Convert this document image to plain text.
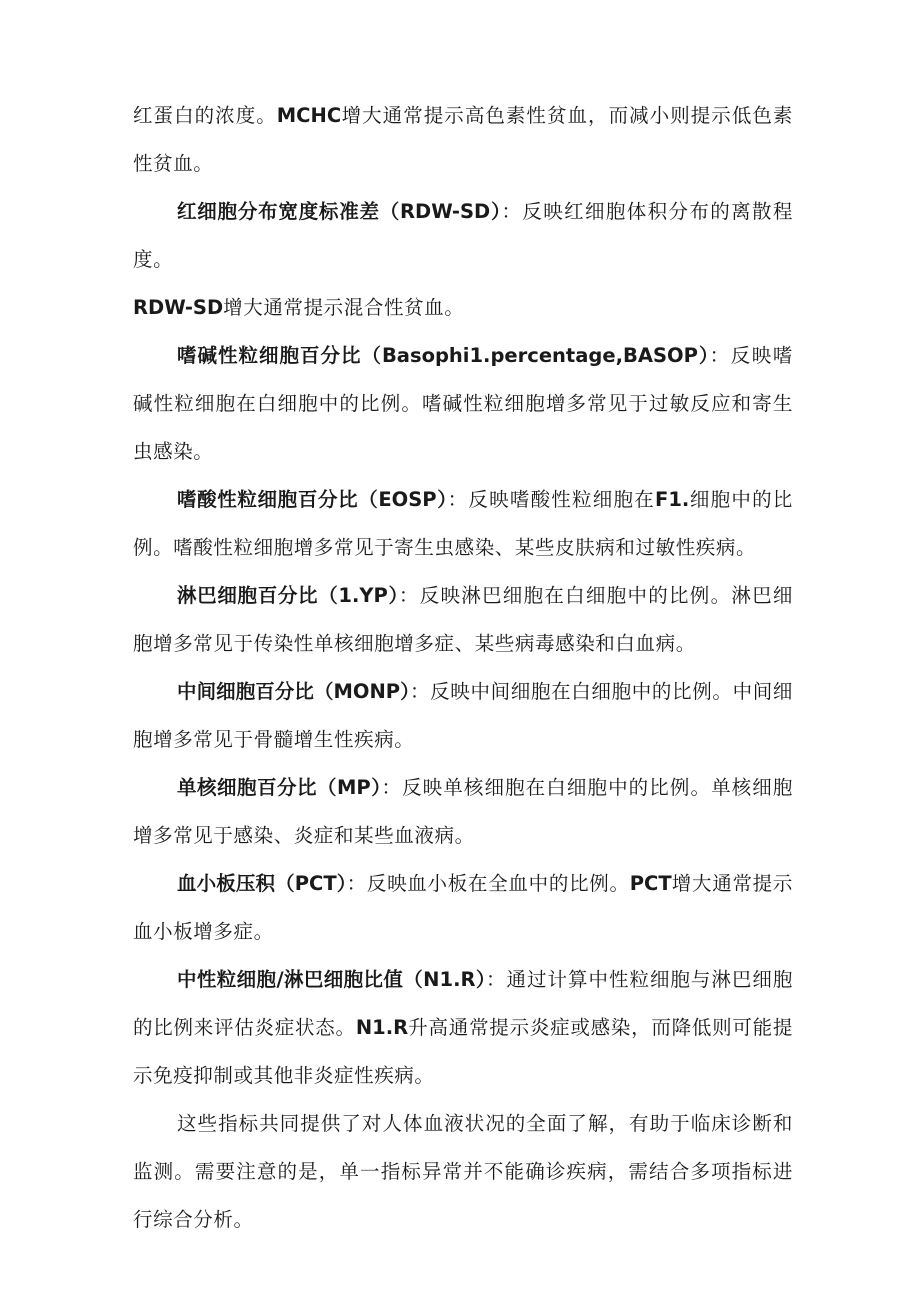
红蛋白的浓度。MCHC增大通常提示高色素性贫血，而减小则提示低色素性贫血。

红细胞分布宽度标准差（RDW-SD）：反映红细胞体积分布的离散程度。

RDW-SD增大通常提示混合性贫血。

嗜碱性粒细胞百分比（Basophi1.percentage,BASOP）：反映嗜碱性粒细胞在白细胞中的比例。嗜碱性粒细胞增多常见于过敏反应和寄生虫感染。

嗜酸性粒细胞百分比（EOSP）：反映嗜酸性粒细胞在F1.细胞中的比例。嗜酸性粒细胞增多常见于寄生虫感染、某些皮肤病和过敏性疾病。

淋巴细胞百分比（1.YP）：反映淋巴细胞在白细胞中的比例。淋巴细胞增多常见于传染性单核细胞增多症、某些病毒感染和白血病。

中间细胞百分比（MONP）：反映中间细胞在白细胞中的比例。中间细胞增多常见于骨髓增生性疾病。

单核细胞百分比（MP）：反映单核细胞在白细胞中的比例。单核细胞增多常见于感染、炎症和某些血液病。

血小板压积（PCT）：反映血小板在全血中的比例。PCT增大通常提示血小板增多症。

中性粒细胞/淋巴细胞比值（N1.R）：通过计算中性粒细胞与淋巴细胞的比例来评估炎症状态。N1.R升高通常提示炎症或感染，而降低则可能提示免疫抑制或其他非炎症性疾病。

这些指标共同提供了对人体血液状况的全面了解，有助于临床诊断和监测。需要注意的是，单一指标异常并不能确诊疾病，需结合多项指标进行综合分析。
